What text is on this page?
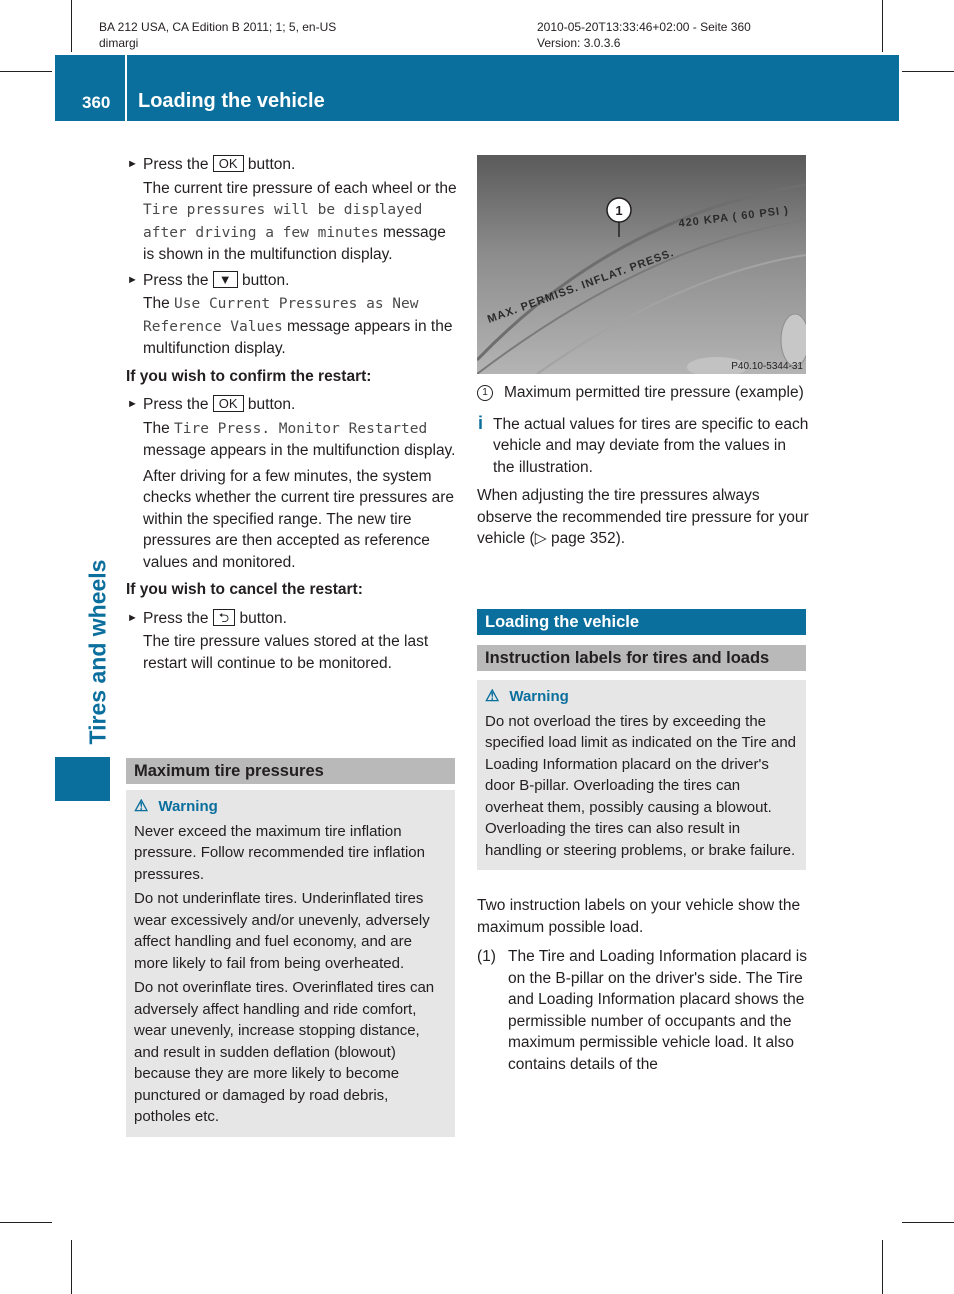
BA 212 USA, CA Edition B 2011; 1; 5, en-US
dimargi
2010-05-20T13:33:46+02:00 - Seite 360
Version: 3.0.3.6
360 Loading the vehicle
Tires and wheels
► Press the OK button.
The current tire pressure of each wheel or the Tire pressures will be displayed after driving a few minutes message is shown in the multifunction display.
► Press the ▼ button.
The Use Current Pressures as New Reference Values message appears in the multifunction display.
If you wish to confirm the restart:
► Press the OK button.
The Tire Press. Monitor Restarted message appears in the multifunction display.
After driving for a few minutes, the system checks whether the current tire pressures are within the specified range. The new tire pressures are then accepted as reference values and monitored.
If you wish to cancel the restart:
► Press the ⮌ button.
The tire pressure values stored at the last restart will continue to be monitored.
Maximum tire pressures
⚠ Warning

Never exceed the maximum tire inflation pressure. Follow recommended tire inflation pressures.

Do not underinflate tires. Underinflated tires wear excessively and/or unevenly, adversely affect handling and fuel economy, and are more likely to fail from being overheated.

Do not overinflate tires. Overinflated tires can adversely affect handling and ride comfort, wear unevenly, increase stopping distance, and result in sudden deflation (blowout) because they are more likely to become punctured or damaged by road debris, potholes etc.

MAX. PERMISS. INFLAT. PRESS.
420 KPA ( 60 PSI )
1
P40.10-5344-31
1	Maximum permitted tire pressure (example)
i The actual values for tires are specific to each vehicle and may deviate from the values in the illustration.
When adjusting the tire pressures always observe the recommended tire pressure for your vehicle (▷ page 352).
Loading the vehicle
Instruction labels for tires and loads
⚠ Warning

Do not overload the tires by exceeding the specified load limit as indicated on the Tire and Loading Information placard on the driver's door B-pillar. Overloading the tires can overheat them, possibly causing a blowout. Overloading the tires can also result in handling or steering problems, or brake failure.

Two instruction labels on your vehicle show the maximum possible load.
(1) The Tire and Loading Information placard is on the B-pillar on the driver's side. The Tire and Loading Information placard shows the permissible number of occupants and the maximum permissible vehicle load. It also contains details of the
